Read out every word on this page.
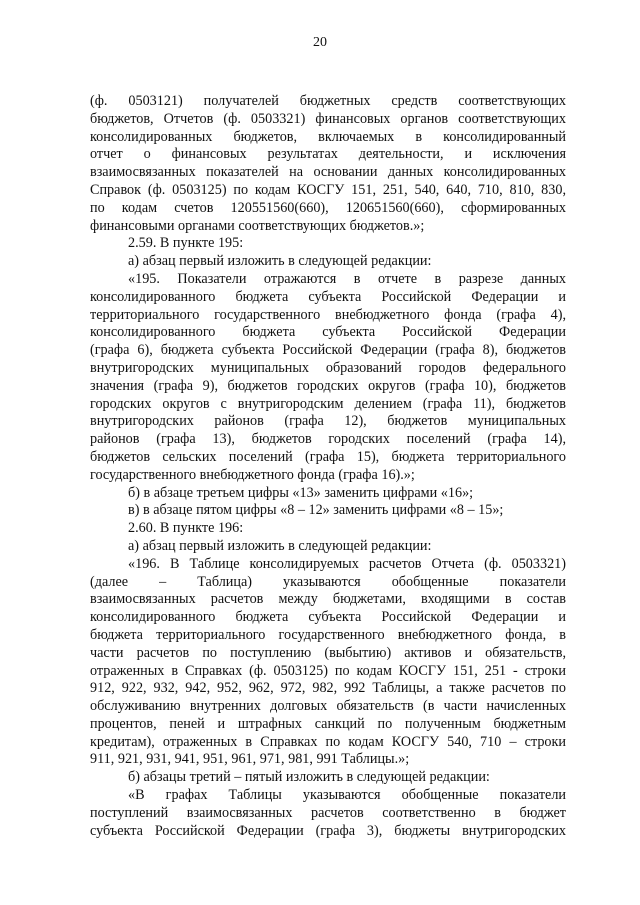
20
(ф. 0503121) получателей бюджетных средств соответствующих
бюджетов, Отчетов (ф. 0503321) финансовых органов соответствующих
консолидированных бюджетов, включаемых в консолидированный
отчет о финансовых результатах деятельности, и исключения
взаимосвязанных показателей на основании данных консолидированных
Справок (ф. 0503125) по кодам КОСГУ 151, 251, 540, 640, 710, 810, 830,
по кодам счетов 120551560(660), 120651560(660), сформированных
финансовыми органами соответствующих бюджетов.»;
2.59. В пункте 195:
а) абзац первый изложить в следующей редакции:
«195. Показатели отражаются в отчете в разрезе данных
консолидированного бюджета субъекта Российской Федерации и
территориального государственного внебюджетного фонда (графа 4),
консолидированного бюджета субъекта Российской Федерации
(графа 6), бюджета субъекта Российской Федерации (графа 8), бюджетов
внутригородских муниципальных образований городов федерального
значения (графа 9), бюджетов городских округов (графа 10), бюджетов
городских округов с внутригородским делением (графа 11), бюджетов
внутригородских районов (графа 12), бюджетов муниципальных
районов (графа 13), бюджетов городских поселений (графа 14),
бюджетов сельских поселений (графа 15), бюджета территориального
государственного внебюджетного фонда (графа 16).»;
б) в абзаце третьем цифры «13» заменить цифрами «16»;
в) в абзаце пятом цифры «8 – 12» заменить цифрами «8 – 15»;
2.60. В пункте 196:
а) абзац первый изложить в следующей редакции:
«196. В Таблице консолидируемых расчетов Отчета (ф. 0503321)
(далее – Таблица) указываются обобщенные показатели
взаимосвязанных расчетов между бюджетами, входящими в состав
консолидированного бюджета субъекта Российской Федерации и
бюджета территориального государственного внебюджетного фонда, в
части расчетов по поступлению (выбытию) активов и обязательств,
отраженных в Справках (ф. 0503125) по кодам КОСГУ 151, 251 - строки
912, 922, 932, 942, 952, 962, 972, 982, 992 Таблицы, а также расчетов по
обслуживанию внутренних долговых обязательств (в части начисленных
процентов, пеней и штрафных санкций по полученным бюджетным
кредитам), отраженных в Справках по кодам КОСГУ 540, 710 – строки
911, 921, 931, 941, 951, 961, 971, 981, 991 Таблицы.»;
б) абзацы третий – пятый изложить в следующей редакции:
«В графах Таблицы указываются обобщенные показатели
поступлений взаимосвязанных расчетов соответственно в бюджет
субъекта Российской Федерации (графа 3), бюджеты внутригородских
